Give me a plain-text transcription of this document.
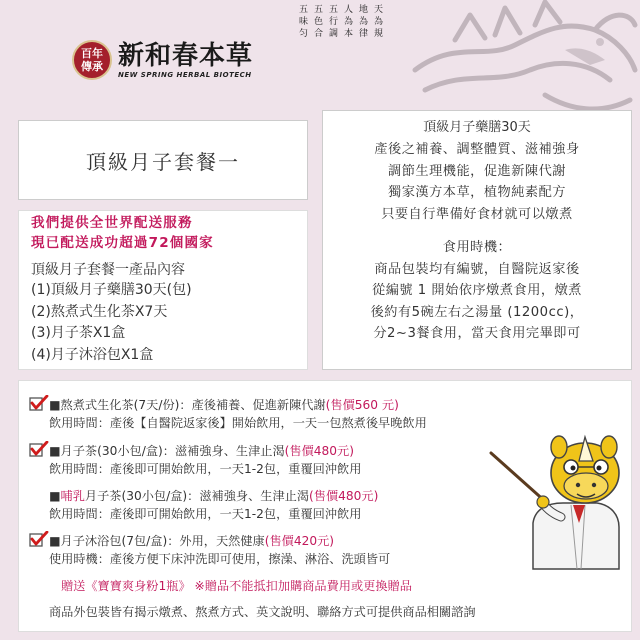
百年傳承 新和春本草
NEW SPRING HERBAL BIOTECH
天為規
地為律
人為本
五行調
五色合
五味匀
頂級月子套餐一
我們提供全世界配送服務
現已配送成功超過72個國家
頂級月子套餐一產品內容
(1)頂級月子藥膳30天(包)
(2)熬煮式生化茶X7天
(3)月子茶X1盒
(4)月子沐浴包X1盒
頂級月子藥膳30天
產後之補養、調整體質、滋補強身
調節生理機能，促進新陳代謝
獨家漢方本草，植物純素配方
只要自行準備好食材就可以燉煮
食用時機：
商品包裝均有編號，自醫院返家後
從編號 1 開始依序燉煮食用，燉煮
後約有5碗左右之湯量 (1200cc)，
分2~3餐食用，當天食用完畢即可
■熬煮式生化茶(7天/份)：產後補養、促進新陳代謝(售價560 元)
飲用時間：產後【自醫院返家後】開始飲用，一天一包熬煮後早晚飲用
■月子茶(30小包/盒)：滋補強身、生津止渴(售價480元)
飲用時間：產後即可開始飲用，一天1-2包，重覆回沖飲用
■哺乳月子茶(30小包/盒)：滋補強身、生津止渴(售價480元)
飲用時間：產後即可開始飲用，一天1-2包，重覆回沖飲用
■月子沐浴包(7包/盒)：外用，天然健康(售價420元)
使用時機：產後方便下床沖洗即可使用，擦澡、淋浴、洗頭皆可
贈送《寶寶爽身粉1瓶》 ※贈品不能抵扣加購商品費用或更換贈品
商品外包裝皆有揭示燉煮、熬煮方式、英文說明、聯絡方式可提供商品相關諮詢
